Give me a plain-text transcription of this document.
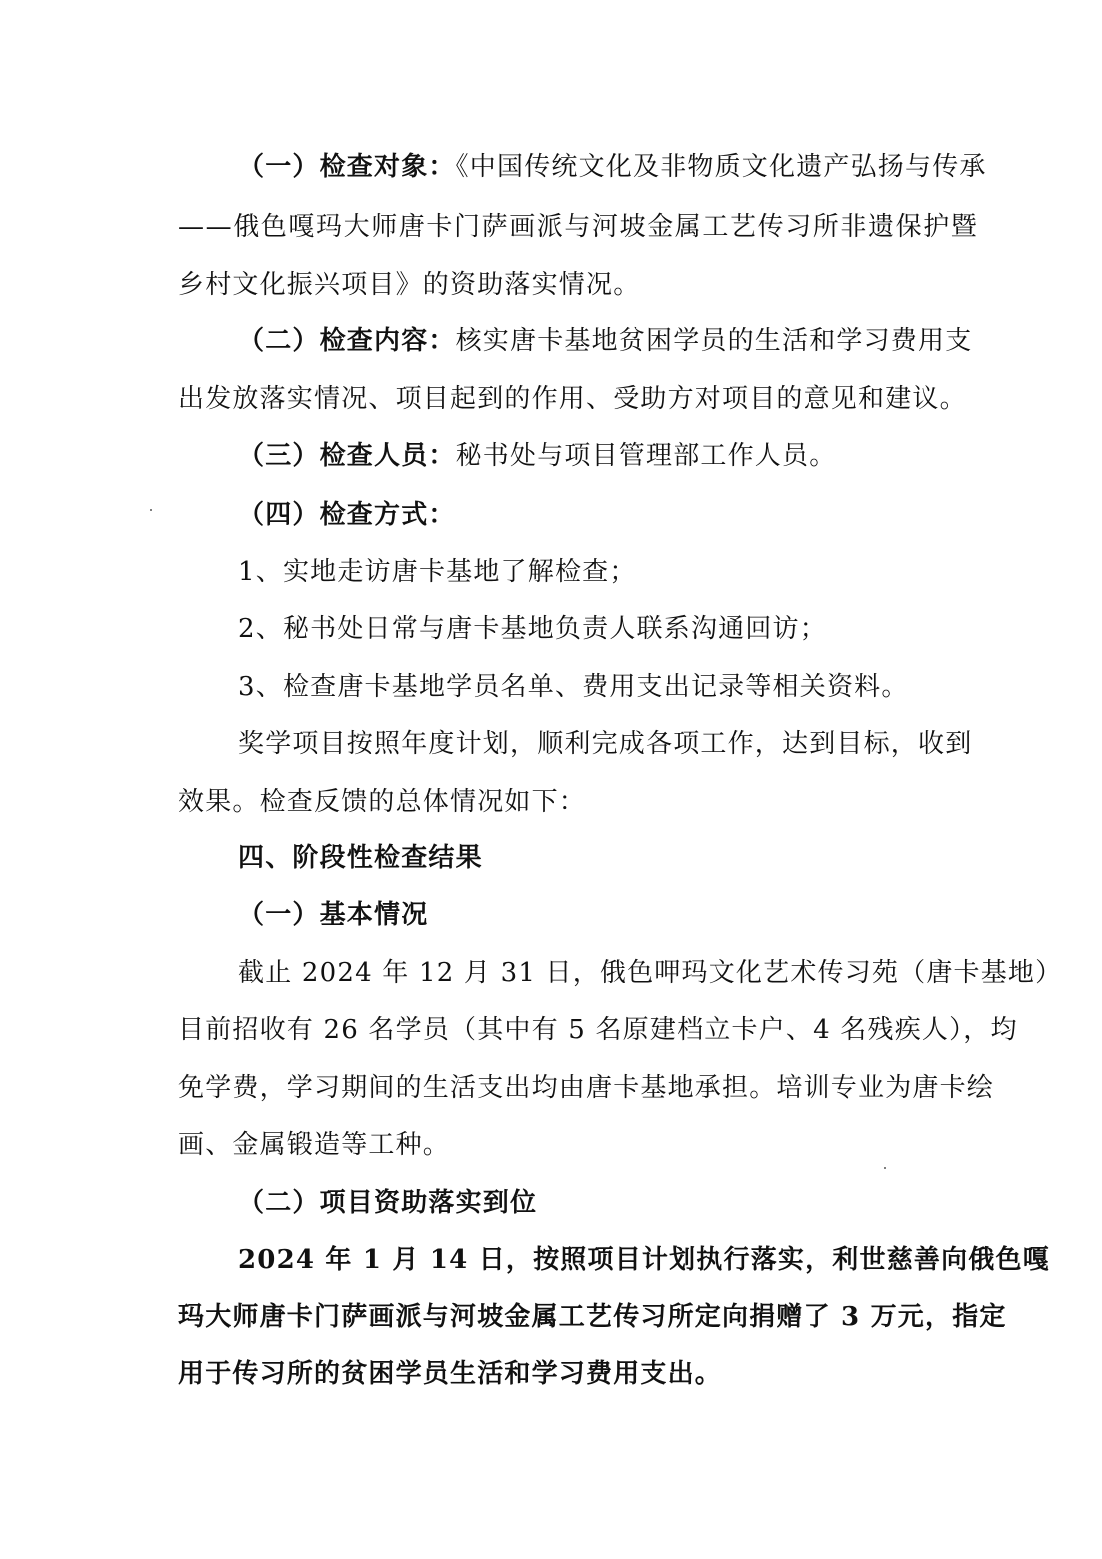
（一）检查对象：《中国传统文化及非物质文化遗产弘扬与传承
——俄色嘎玛大师唐卡门萨画派与河坡金属工艺传习所非遗保护暨
乡村文化振兴项目》的资助落实情况。
（二）检查内容：核实唐卡基地贫困学员的生活和学习费用支
出发放落实情况、项目起到的作用、受助方对项目的意见和建议。
（三）检查人员：秘书处与项目管理部工作人员。
（四）检查方式：
1、实地走访唐卡基地了解检查；
2、秘书处日常与唐卡基地负责人联系沟通回访；
3、检查唐卡基地学员名单、费用支出记录等相关资料。
奖学项目按照年度计划，顺利完成各项工作，达到目标，收到
效果。检查反馈的总体情况如下：
四、阶段性检查结果
（一）基本情况
截止 2024 年 12 月 31 日，俄色呷玛文化艺术传习苑（唐卡基地）
目前招收有 26 名学员（其中有 5 名原建档立卡户、4 名残疾人），均
免学费，学习期间的生活支出均由唐卡基地承担。培训专业为唐卡绘
画、金属锻造等工种。
（二）项目资助落实到位
2024 年 1 月 14 日，按照项目计划执行落实，利世慈善向俄色嘎
玛大师唐卡门萨画派与河坡金属工艺传习所定向捐赠了 3 万元，指定
用于传习所的贫困学员生活和学习费用支出。
